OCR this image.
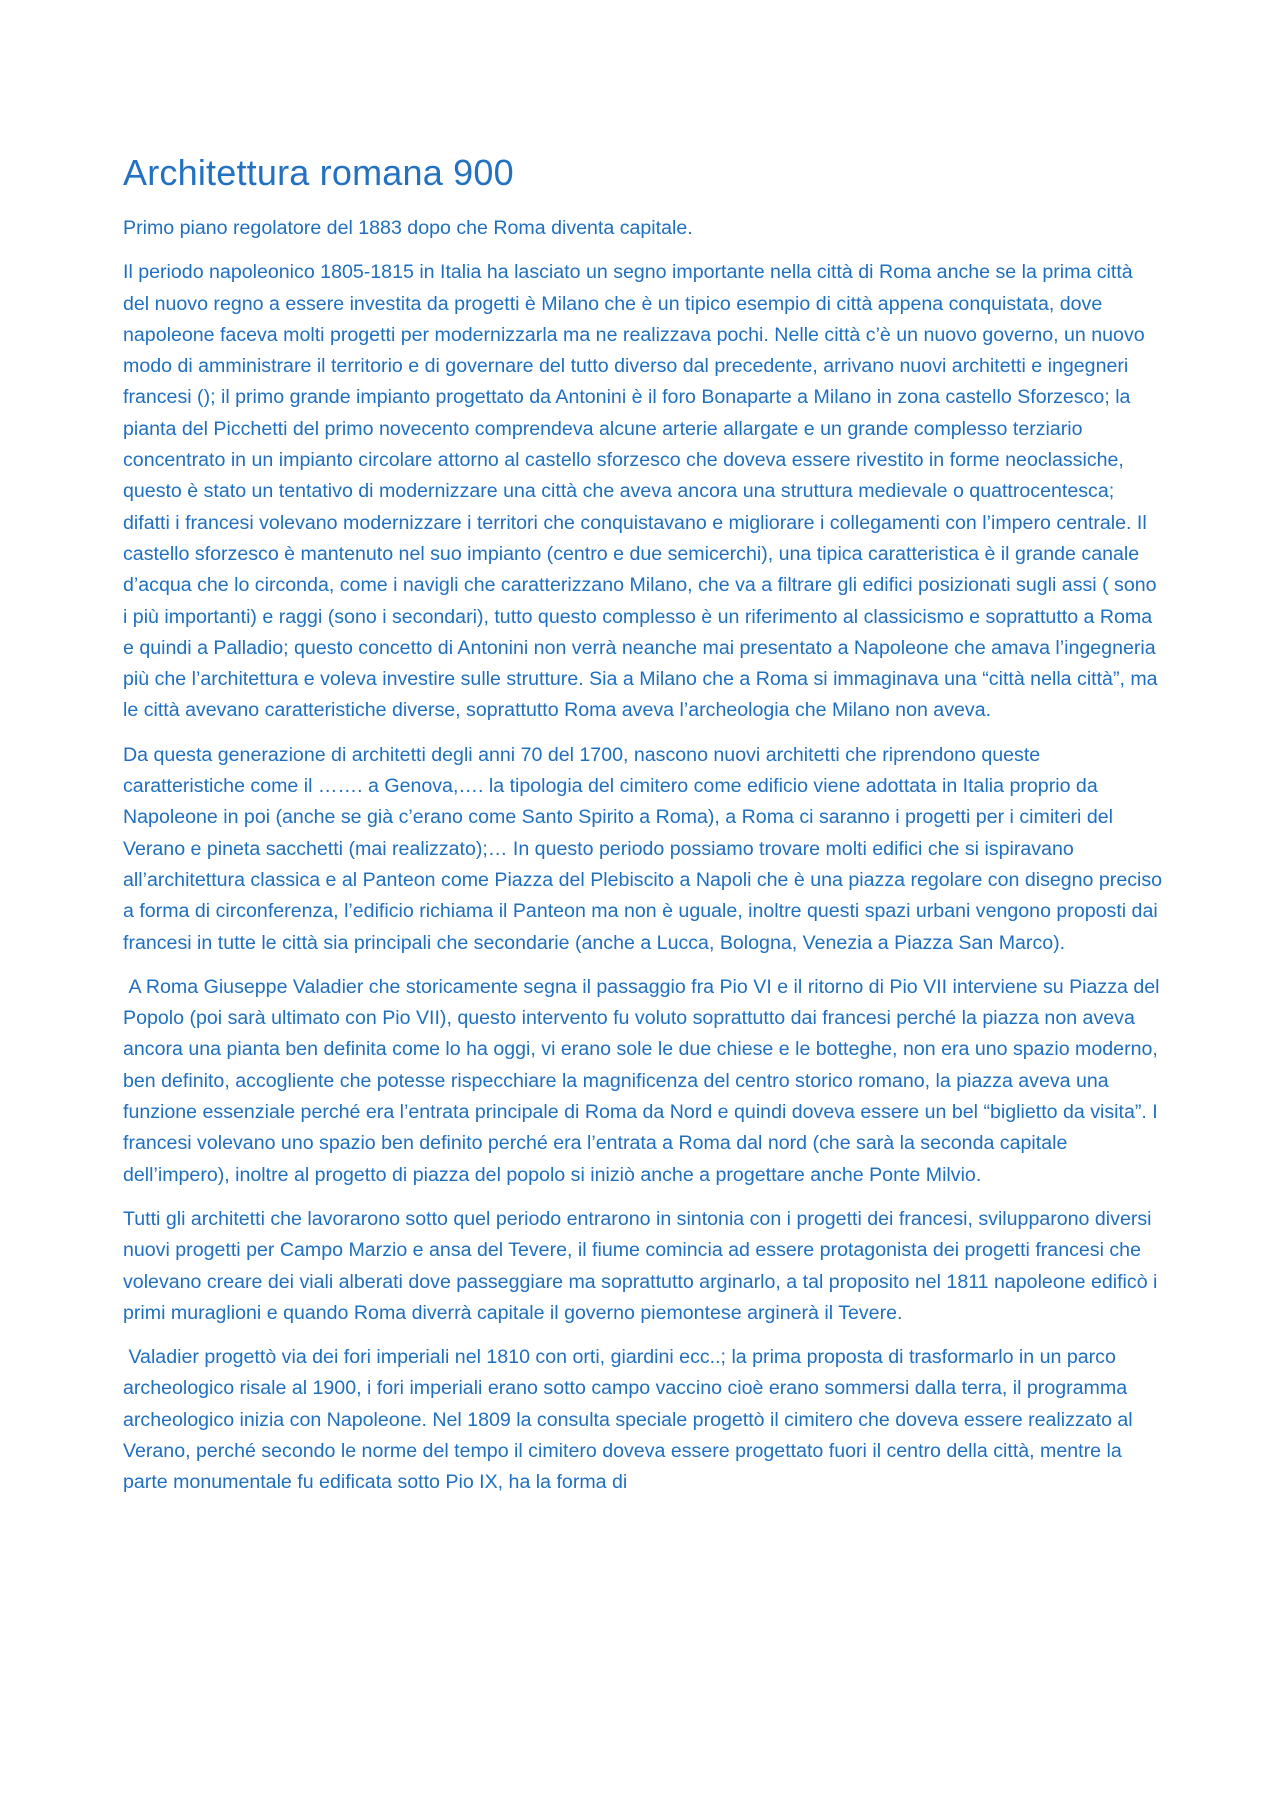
Architettura romana 900

Primo piano regolatore del 1883 dopo che Roma diventa capitale.

Il periodo napoleonico 1805-1815 in Italia ha lasciato un segno importante nella città di Roma anche se la prima città del nuovo regno a essere investita da progetti è Milano che è un tipico esempio di città appena conquistata, dove napoleone faceva molti progetti per modernizzarla ma ne realizzava pochi. Nelle città c’è un nuovo governo, un nuovo modo di amministrare il territorio e di governare del tutto diverso dal precedente, arrivano nuovi architetti e ingegneri francesi (); il primo grande impianto progettato da Antonini è il foro Bonaparte a Milano in zona castello Sforzesco; la pianta del Picchetti del primo novecento comprendeva alcune arterie allargate e un grande complesso terziario concentrato in un impianto circolare attorno al castello sforzesco che doveva essere rivestito in forme neoclassiche, questo è stato un tentativo di modernizzare una città che aveva ancora una struttura medievale o quattrocentesca; difatti i francesi volevano modernizzare i territori che conquistavano e migliorare i collegamenti con l’impero centrale. Il castello sforzesco è mantenuto nel suo impianto (centro e due semicerchi), una tipica caratteristica è il grande canale d’acqua che lo circonda, come i navigli che caratterizzano Milano, che va a filtrare gli edifici posizionati sugli assi ( sono i più importanti) e raggi (sono i secondari), tutto questo complesso è un riferimento al classicismo e soprattutto a Roma e quindi a Palladio; questo concetto di Antonini non verrà neanche mai presentato a Napoleone che amava l’ingegneria più che l’architettura e voleva investire sulle strutture. Sia a Milano che a Roma si immaginava una “città nella città”, ma le città avevano caratteristiche diverse, soprattutto Roma aveva l’archeologia che Milano non aveva.

Da questa generazione di architetti degli anni 70 del 1700, nascono nuovi architetti che riprendono queste caratteristiche come il ……. a Genova,…. la tipologia del cimitero come edificio viene adottata in Italia proprio da Napoleone in poi (anche se già c’erano come Santo Spirito a Roma), a Roma ci saranno i progetti per i cimiteri del Verano e pineta sacchetti (mai realizzato);… In questo periodo possiamo trovare molti edifici che si ispiravano all’architettura classica e al Panteon come Piazza del Plebiscito a Napoli che è una piazza regolare con disegno preciso a forma di circonferenza, l’edificio richiama il Panteon ma non è uguale, inoltre questi spazi urbani vengono proposti dai francesi in tutte le città sia principali che secondarie (anche a Lucca, Bologna, Venezia a Piazza San Marco).

A Roma Giuseppe Valadier che storicamente segna il passaggio fra Pio VI e il ritorno di Pio VII interviene su Piazza del Popolo (poi sarà ultimato con Pio VII), questo intervento fu voluto soprattutto dai francesi perché la piazza non aveva ancora una pianta ben definita come lo ha oggi, vi erano sole le due chiese e le botteghe, non era uno spazio moderno, ben definito, accogliente che potesse rispecchiare la magnificenza del centro storico romano, la piazza aveva una funzione essenziale perché era l’entrata principale di Roma da Nord e quindi doveva essere un bel “biglietto da visita”. I francesi volevano uno spazio ben definito perché era l’entrata a Roma dal nord (che sarà la seconda capitale dell’impero), inoltre al progetto di piazza del popolo si iniziò anche a progettare anche Ponte Milvio.

Tutti gli architetti che lavorarono sotto quel periodo entrarono in sintonia con i progetti dei francesi, svilupparono diversi nuovi progetti per Campo Marzio e ansa del Tevere, il fiume comincia ad essere protagonista dei progetti francesi che volevano creare dei viali alberati dove passeggiare ma soprattutto arginarlo, a tal proposito nel 1811 napoleone edificò i primi muraglioni e quando Roma diverrà capitale il governo piemontese arginerà il Tevere.

Valadier progettò via dei fori imperiali nel 1810 con orti, giardini ecc..; la prima proposta di trasformarlo in un parco archeologico risale al 1900, i fori imperiali erano sotto campo vaccino cioè erano sommersi dalla terra, il programma archeologico inizia con Napoleone. Nel 1809 la consulta speciale progettò il cimitero che doveva essere realizzato al Verano, perché secondo le norme del tempo il cimitero doveva essere progettato fuori il centro della città, mentre la parte monumentale fu edificata sotto Pio IX, ha la forma di
